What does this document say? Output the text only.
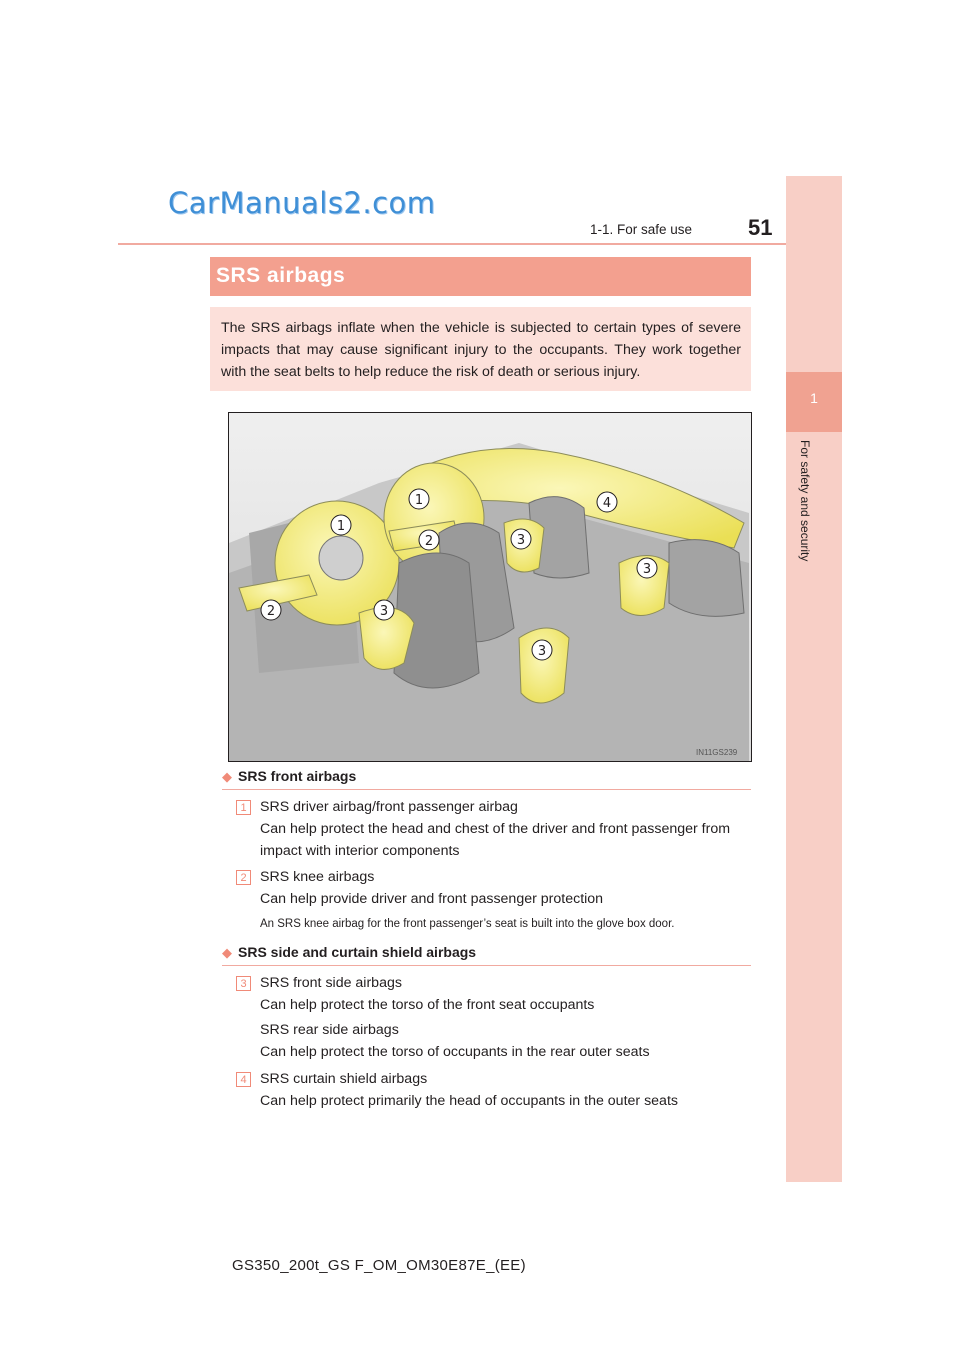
CarManuals2.com
1-1. For safe use	51
1
For safety and security
SRS airbags
The SRS airbags inflate when the vehicle is subjected to certain types of severe impacts that may cause significant injury to the occupants. They work together with the seat belts to help reduce the risk of death or serious injury.
1
1
2
2
3
3
3
3
4
IN11GS239
◆ SRS front airbags
1 SRS driver airbag/front passenger airbag
Can help protect the head and chest of the driver and front passenger from impact with interior components
2 SRS knee airbags
Can help provide driver and front passenger protection
An SRS knee airbag for the front passenger’s seat is built into the glove box door.
◆ SRS side and curtain shield airbags
3 SRS front side airbags
Can help protect the torso of the front seat occupants
SRS rear side airbags
Can help protect the torso of occupants in the rear outer seats
4 SRS curtain shield airbags
Can help protect primarily the head of occupants in the outer seats
GS350_200t_GS F_OM_OM30E87E_(EE)
